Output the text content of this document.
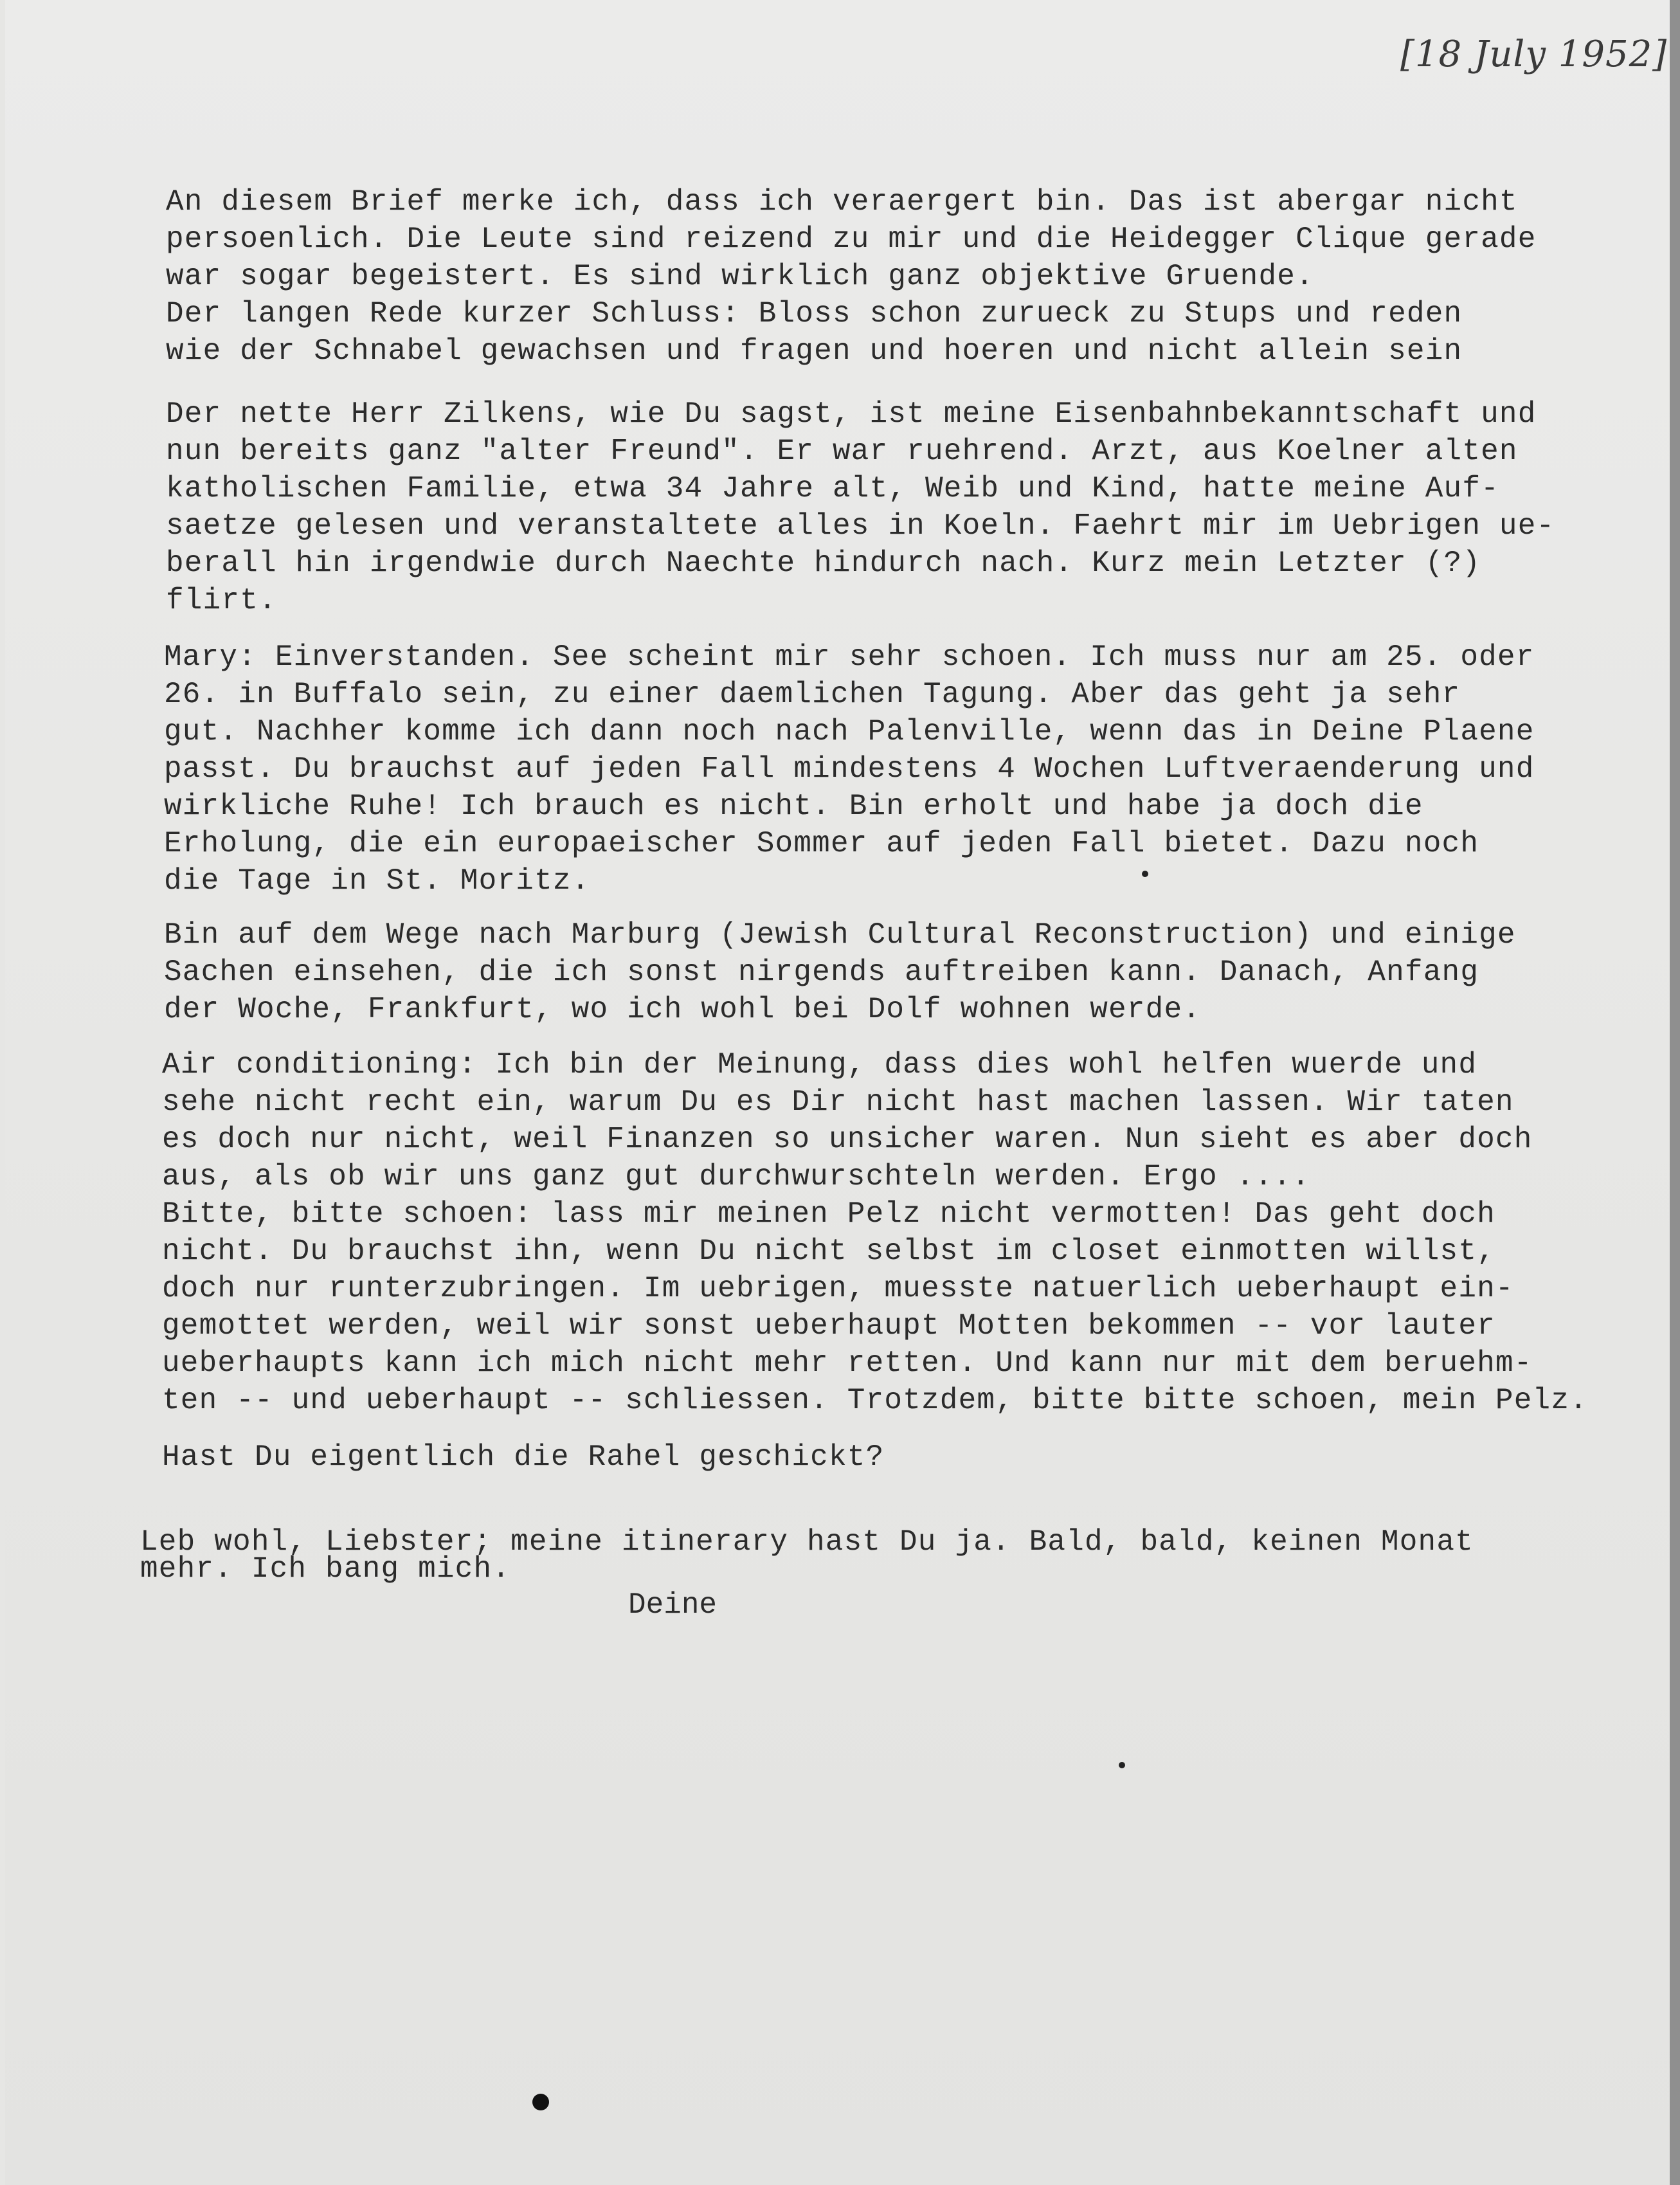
[18 July 1952]
An diesem Brief merke ich, dass ich veraergert bin. Das ist abergar nicht
persoenlich. Die Leute sind reizend zu mir und die Heidegger Clique gerade
war sogar begeistert. Es sind wirklich ganz objektive Gruende.
Der langen Rede kurzer Schluss: Bloss schon zurueck zu Stups und reden
wie der Schnabel gewachsen und fragen und hoeren und nicht allein sein
Der nette Herr Zilkens, wie Du sagst, ist meine Eisenbahnbekanntschaft und
nun bereits ganz "alter Freund". Er war ruehrend. Arzt, aus Koelner alten
katholischen Familie, etwa 34 Jahre alt, Weib und Kind, hatte meine Auf-
saetze gelesen und veranstaltete alles in Koeln. Faehrt mir im Uebrigen ue-
berall hin irgendwie durch Naechte hindurch nach. Kurz mein Letzter (?)
flirt.
Mary: Einverstanden. See scheint mir sehr schoen. Ich muss nur am 25. oder
26. in Buffalo sein, zu einer daemlichen Tagung. Aber das geht ja sehr
gut. Nachher komme ich dann noch nach Palenville, wenn das in Deine Plaene
passt. Du brauchst auf jeden Fall mindestens 4 Wochen Luftveraenderung und
wirkliche Ruhe! Ich brauch es nicht. Bin erholt und habe ja doch die
Erholung, die ein europaeischer Sommer auf jeden Fall bietet. Dazu noch
die Tage in St. Moritz.
Bin auf dem Wege nach Marburg (Jewish Cultural Reconstruction) und einige
Sachen einsehen, die ich sonst nirgends auftreiben kann. Danach, Anfang
der Woche, Frankfurt, wo ich wohl bei Dolf wohnen werde.
Air conditioning: Ich bin der Meinung, dass dies wohl helfen wuerde und
sehe nicht recht ein, warum Du es Dir nicht hast machen lassen. Wir taten
es doch nur nicht, weil Finanzen so unsicher waren. Nun sieht es aber doch
aus, als ob wir uns ganz gut durchwurschteln werden. Ergo ....
Bitte, bitte schoen: lass mir meinen Pelz nicht vermotten! Das geht doch
nicht. Du brauchst ihn, wenn Du nicht selbst im closet einmotten willst,
doch nur runterzubringen. Im uebrigen, muesste natuerlich ueberhaupt ein-
gemottet werden, weil wir sonst ueberhaupt Motten bekommen -- vor lauter
ueberhaupts kann ich mich nicht mehr retten. Und kann nur mit dem beruehm-
ten -- und ueberhaupt -- schliessen. Trotzdem, bitte bitte schoen, mein Pelz.
Hast Du eigentlich die Rahel geschickt?
Leb wohl, Liebster; meine itinerary hast Du ja. Bald, bald, keinen Monat
mehr. Ich bang mich.
Deine
